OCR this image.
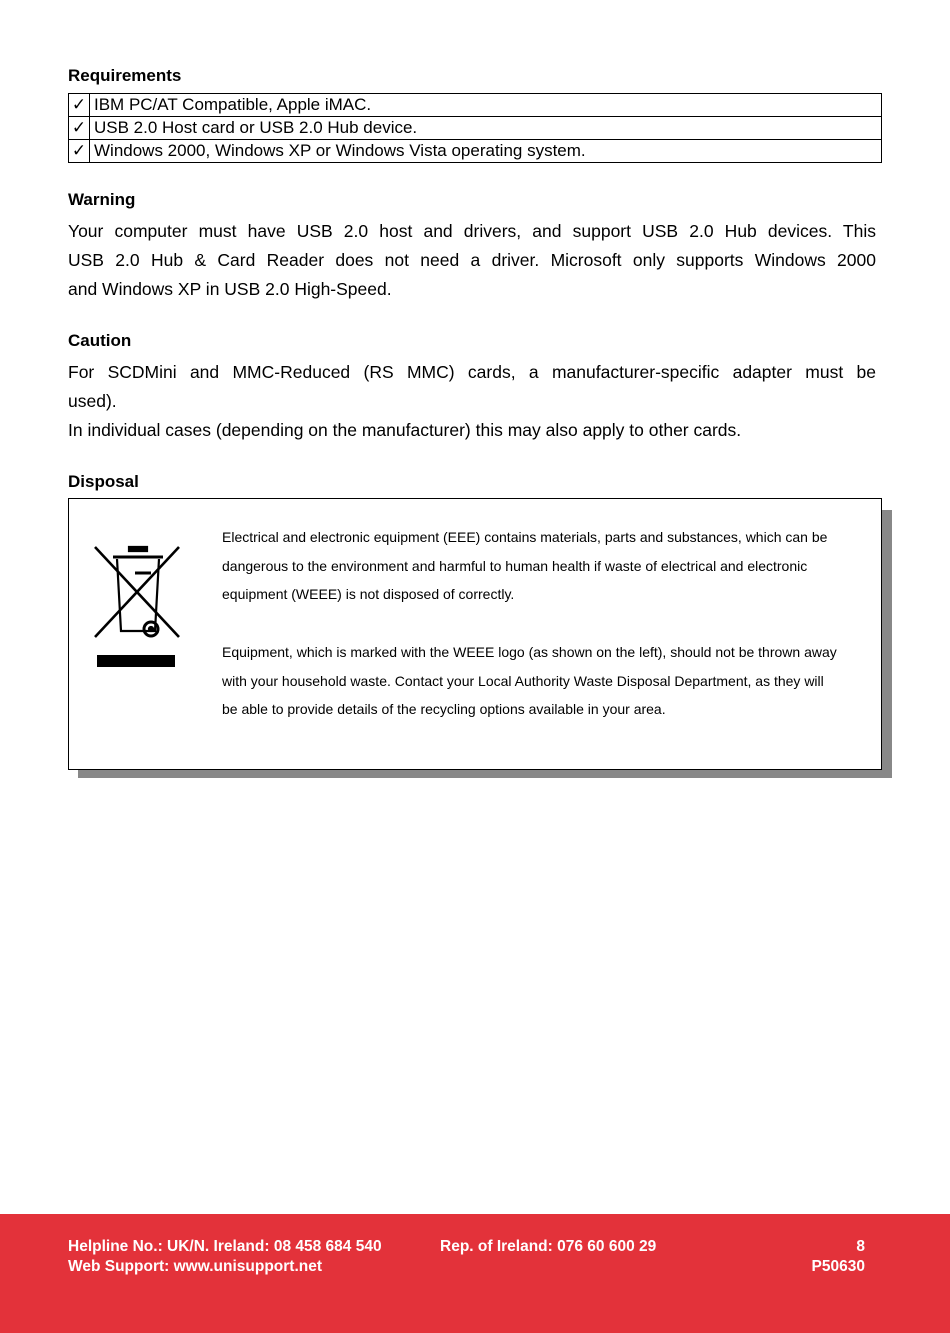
Requirements
✓	IBM PC/AT Compatible, Apple iMAC.
✓	USB 2.0 Host card or USB 2.0 Hub device.
✓	Windows 2000, Windows XP or Windows Vista operating system.
Warning
Your computer must have USB 2.0 host and drivers, and support USB 2.0 Hub devices. This
USB 2.0 Hub & Card Reader does not need a driver. Microsoft only supports Windows 2000
and Windows XP in USB 2.0 High-Speed.
Caution
For SCDMini and MMC-Reduced (RS MMC) cards, a manufacturer-specific adapter must be
used).
In individual cases (depending on the manufacturer) this may also apply to other cards.
Disposal

Electrical and electronic equipment (EEE) contains materials, parts and substances, which can be dangerous to the environment and harmful to human health if waste of electrical and electronic equipment (WEEE) is not disposed of correctly.

Equipment, which is marked with the WEEE logo (as shown on the left), should not be thrown away with your household waste. Contact your Local Authority Waste Disposal Department, as they will be able to provide details of the recycling options available in your area.

Helpline No.: UK/N. Ireland: 08 458 684 540	Rep. of Ireland: 076 60 600 29	8
Web Support: www.unisupport.net	P50630
